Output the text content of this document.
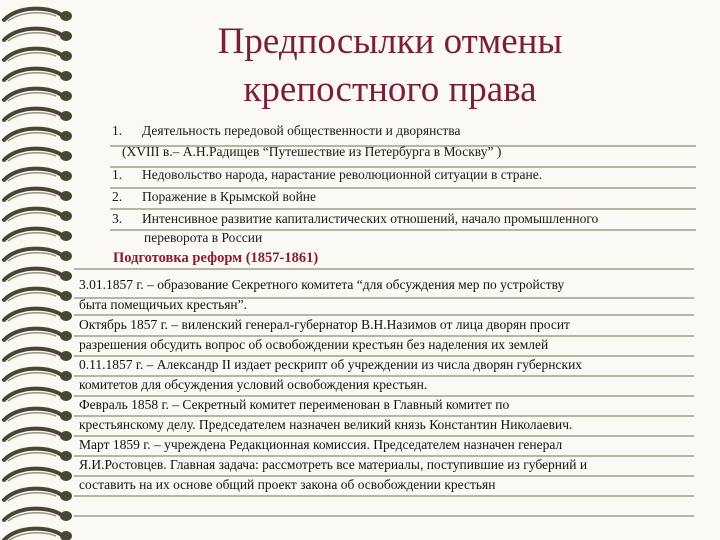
Предпосылки отмены
крепостного права
1. Деятельность передовой общественности и дворянства
(XVIII в.– А.Н.Радищев “Путешествие из Петербурга в Москву” )
1. Недовольство народа, нарастание революционной ситуации в стране.
2. Поражение в Крымской войне
3. Интенсивное развитие капиталистических отношений, начало промышленного
переворота в России
Подготовка реформ (1857-1861)
3.01.1857 г. – образование Секретного комитета “для обсуждения мер по устройству
быта помещичьих крестьян”.
Октябрь 1857 г. – виленский генерал-губернатор В.Н.Назимов от лица дворян просит
разрешения обсудить вопрос об освобождении крестьян без наделения их землей
0.11.1857 г. – Александр II издает рескрипт об учреждении из числа дворян губернских
комитетов для обсуждения условий освобождения крестьян.
Февраль 1858 г. – Секретный комитет переименован в Главный комитет по
крестьянскому делу. Председателем назначен великий князь Константин Николаевич.
Март 1859 г. – учреждена Редакционная комиссия. Председателем назначен генерал
Я.И.Ростовцев. Главная задача: рассмотреть все материалы, поступившие из губерний и
составить на их основе общий проект закона об освобождении крестьян
